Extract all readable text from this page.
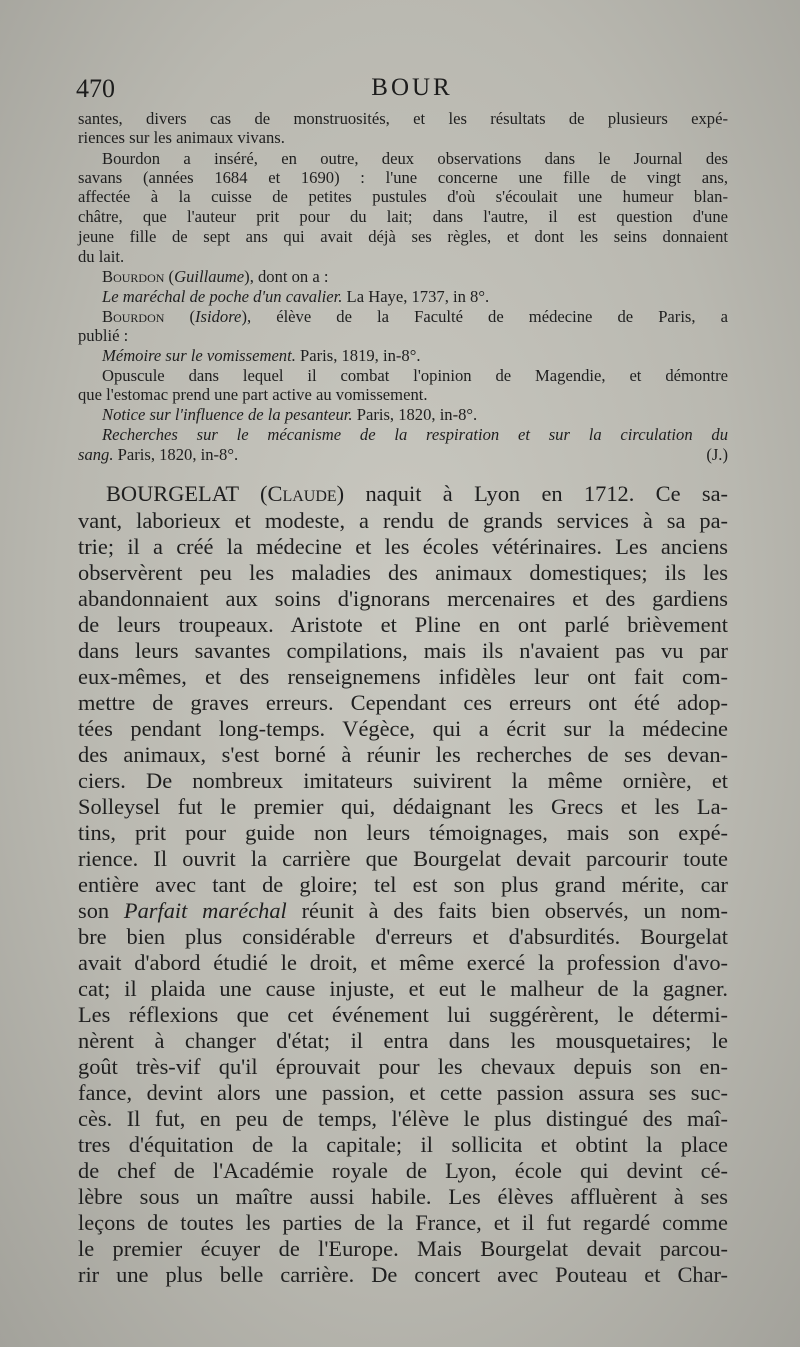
470	BOUR
santes, divers cas de monstruosités, et les résultats de plusieurs expé-
riences sur les animaux vivans.
Bourdon a inséré, en outre, deux observations dans le Journal des
savans (années 1684 et 1690) : l'une concerne une fille de vingt ans,
affectée à la cuisse de petites pustules d'où s'écoulait une humeur blan-
châtre, que l'auteur prit pour du lait; dans l'autre, il est question d'une
jeune fille de sept ans qui avait déjà ses règles, et dont les seins donnaient
du lait.
Bourdon (Guillaume), dont on a :
Le maréchal de poche d'un cavalier. La Haye, 1737, in 8°.
Bourdon (Isidore), élève de la Faculté de médecine de Paris, a
publié :
Mémoire sur le vomissement. Paris, 1819, in-8°.
Opuscule dans lequel il combat l'opinion de Magendie, et démontre
que l'estomac prend une part active au vomissement.
Notice sur l'influence de la pesanteur. Paris, 1820, in-8°.
Recherches sur le mécanisme de la respiration et sur la circulation du
sang. Paris, 1820, in-8°.	(J.)
BOURGELAT (Claude) naquit à Lyon en 1712. Ce sa-
vant, laborieux et modeste, a rendu de grands services à sa pa-
trie; il a créé la médecine et les écoles vétérinaires. Les anciens
observèrent peu les maladies des animaux domestiques; ils les
abandonnaient aux soins d'ignorans mercenaires et des gardiens
de leurs troupeaux. Aristote et Pline en ont parlé brièvement
dans leurs savantes compilations, mais ils n'avaient pas vu par
eux-mêmes, et des renseignemens infidèles leur ont fait com-
mettre de graves erreurs. Cependant ces erreurs ont été adop-
tées pendant long-temps. Végèce, qui a écrit sur la médecine
des animaux, s'est borné à réunir les recherches de ses devan-
ciers. De nombreux imitateurs suivirent la même ornière, et
Solleysel fut le premier qui, dédaignant les Grecs et les La-
tins, prit pour guide non leurs témoignages, mais son expé-
rience. Il ouvrit la carrière que Bourgelat devait parcourir toute
entière avec tant de gloire; tel est son plus grand mérite, car
son Parfait maréchal réunit à des faits bien observés, un nom-
bre bien plus considérable d'erreurs et d'absurdités. Bourgelat
avait d'abord étudié le droit, et même exercé la profession d'avo-
cat; il plaida une cause injuste, et eut le malheur de la gagner.
Les réflexions que cet événement lui suggérèrent, le détermi-
nèrent à changer d'état; il entra dans les mousquetaires; le
goût très-vif qu'il éprouvait pour les chevaux depuis son en-
fance, devint alors une passion, et cette passion assura ses suc-
cès. Il fut, en peu de temps, l'élève le plus distingué des maî-
tres d'équitation de la capitale; il sollicita et obtint la place
de chef de l'Académie royale de Lyon, école qui devint cé-
lèbre sous un maître aussi habile. Les élèves affluèrent à ses
leçons de toutes les parties de la France, et il fut regardé comme
le premier écuyer de l'Europe. Mais Bourgelat devait parcou-
rir une plus belle carrière. De concert avec Pouteau et Char-
